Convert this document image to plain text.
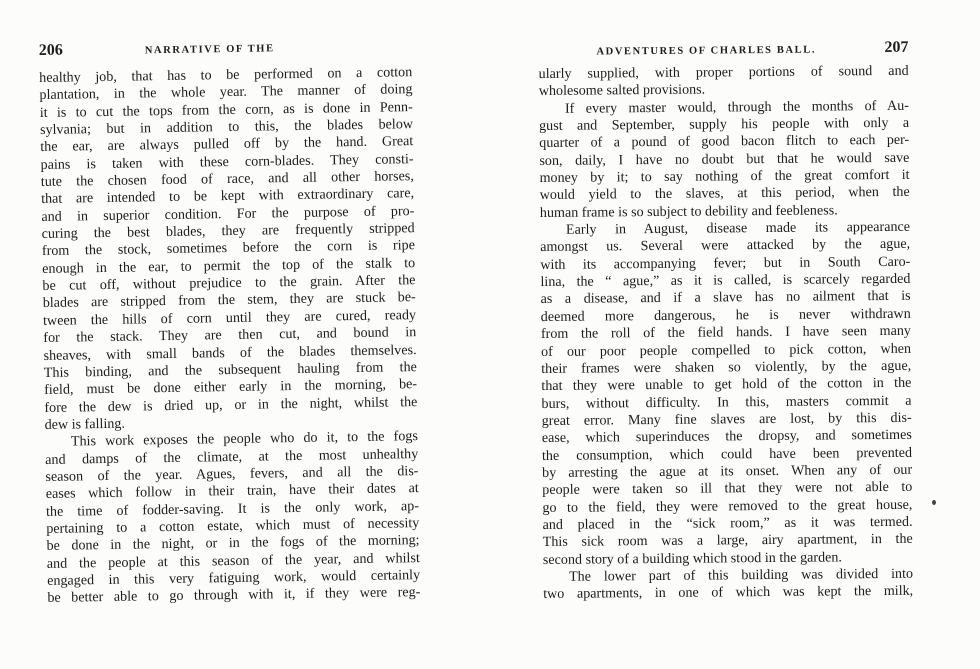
206	NARRATIVE OF THE
healthy job, that has to be performed on a cotton
plantation, in the whole year. The manner of doing
it is to cut the tops from the corn, as is done in Penn-
sylvania; but in addition to this, the blades below
the ear, are always pulled off by the hand. Great
pains is taken with these corn-blades. They consti-
tute the chosen food of race, and all other horses,
that are intended to be kept with extraordinary care,
and in superior condition. For the purpose of pro-
curing the best blades, they are frequently stripped
from the stock, sometimes before the corn is ripe
enough in the ear, to permit the top of the stalk to
be cut off, without prejudice to the grain. After the
blades are stripped from the stem, they are stuck be-
tween the hills of corn until they are cured, ready
for the stack. They are then cut, and bound in
sheaves, with small bands of the blades themselves.
This binding, and the subsequent hauling from the
field, must be done either early in the morning, be-
fore the dew is dried up, or in the night, whilst the
dew is falling.
This work exposes the people who do it, to the fogs
and damps of the climate, at the most unhealthy
season of the year. Agues, fevers, and all the dis-
eases which follow in their train, have their dates at
the time of fodder-saving. It is the only work, ap-
pertaining to a cotton estate, which must of necessity
be done in the night, or in the fogs of the morning;
and the people at this season of the year, and whilst
engaged in this very fatiguing work, would certainly
be better able to go through with it, if they were reg-
ADVENTURES OF CHARLES BALL.	207
ularly supplied, with proper portions of sound and
wholesome salted provisions.
If every master would, through the months of Au-
gust and September, supply his people with only a
quarter of a pound of good bacon flitch to each per-
son, daily, I have no doubt but that he would save
money by it; to say nothing of the great comfort it
would yield to the slaves, at this period, when the
human frame is so subject to debility and feebleness.
Early in August, disease made its appearance
amongst us. Several were attacked by the ague,
with its accompanying fever; but in South Caro-
lina, the “ ague,” as it is called, is scarcely regarded
as a disease, and if a slave has no ailment that is
deemed more dangerous, he is never withdrawn
from the roll of the field hands. I have seen many
of our poor people compelled to pick cotton, when
their frames were shaken so violently, by the ague,
that they were unable to get hold of the cotton in the
burs, without difficulty. In this, masters commit a
great error. Many fine slaves are lost, by this dis-
ease, which superinduces the dropsy, and sometimes
the consumption, which could have been prevented
by arresting the ague at its onset. When any of our
people were taken so ill that they were not able to
go to the field, they were removed to the great house,
and placed in the “sick room,” as it was termed.
This sick room was a large, airy apartment, in the
second story of a building which stood in the garden.
The lower part of this building was divided into
two apartments, in one of which was kept the milk,
